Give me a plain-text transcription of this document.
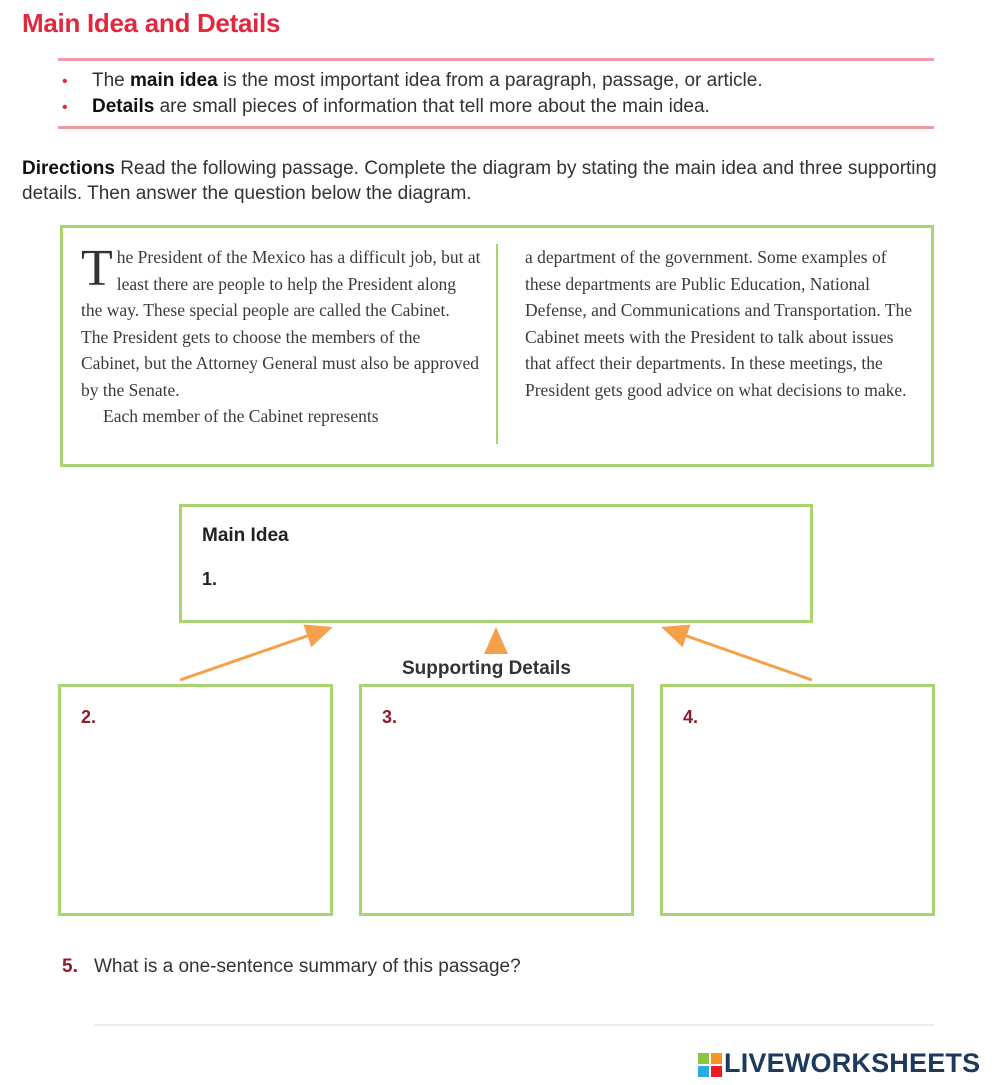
Main Idea and Details
• The main idea is the most important idea from a paragraph, passage, or article.
• Details are small pieces of information that tell more about the main idea.
Directions Read the following passage. Complete the diagram by stating the main idea and three supporting details. Then answer the question below the diagram.
The President of the Mexico has a difficult job, but at least there are people to help the President along the way. These special people are called the Cabinet. The President gets to choose the members of the Cabinet, but the Attorney General must also be approved by the Senate.
Each member of the Cabinet represents
a department of the government. Some examples of these departments are Public Education, National Defense, and Communications and Transportation. The Cabinet meets with the President to talk about issues that affect their departments. In these meetings, the President gets good advice on what decisions to make.
Main Idea
1.
Supporting Details
2.	3.	4.
5. What is a one-sentence summary of this passage?
LIVEWORKSHEETS
